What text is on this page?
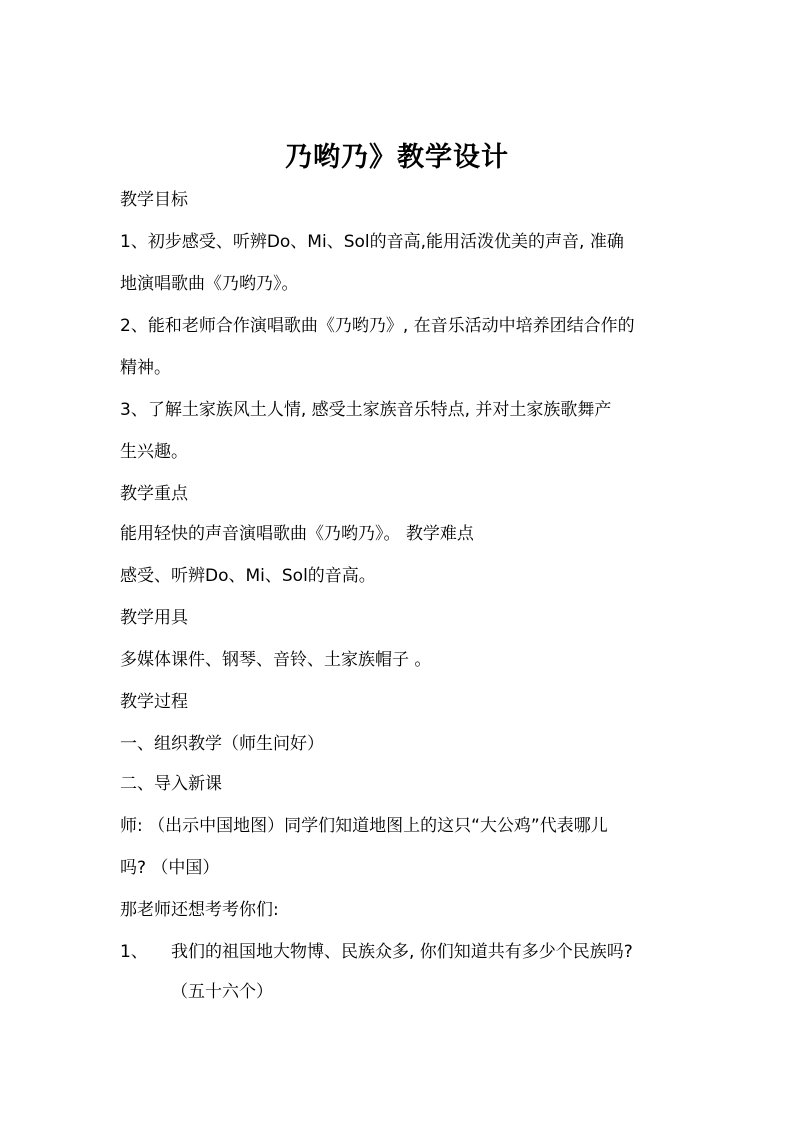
乃哟乃》教学设计
教学目标
1、初步感受、听辨Do、Mi、Sol的音高,能用活泼优美的声音, 准确
地演唱歌曲《乃哟乃》。
2、能和老师合作演唱歌曲《乃哟乃》, 在音乐活动中培养团结合作的
精神。
3、了解土家族风土人情, 感受土家族音乐特点, 并对土家族歌舞产
生兴趣。
教学重点
能用轻快的声音演唱歌曲《乃哟乃》。 教学难点
感受、听辨Do、Mi、Sol的音高。
教学用具
多媒体课件、钢琴、音铃、土家族帽子 。
教学过程
一、组织教学（师生问好）
二、导入新课
师: （出示中国地图）同学们知道地图上的这只“大公鸡”代表哪儿
吗? （中国）
那老师还想考考你们:
1、 我们的祖国地大物博、民族众多, 你们知道共有多少个民族吗?
（五十六个）
